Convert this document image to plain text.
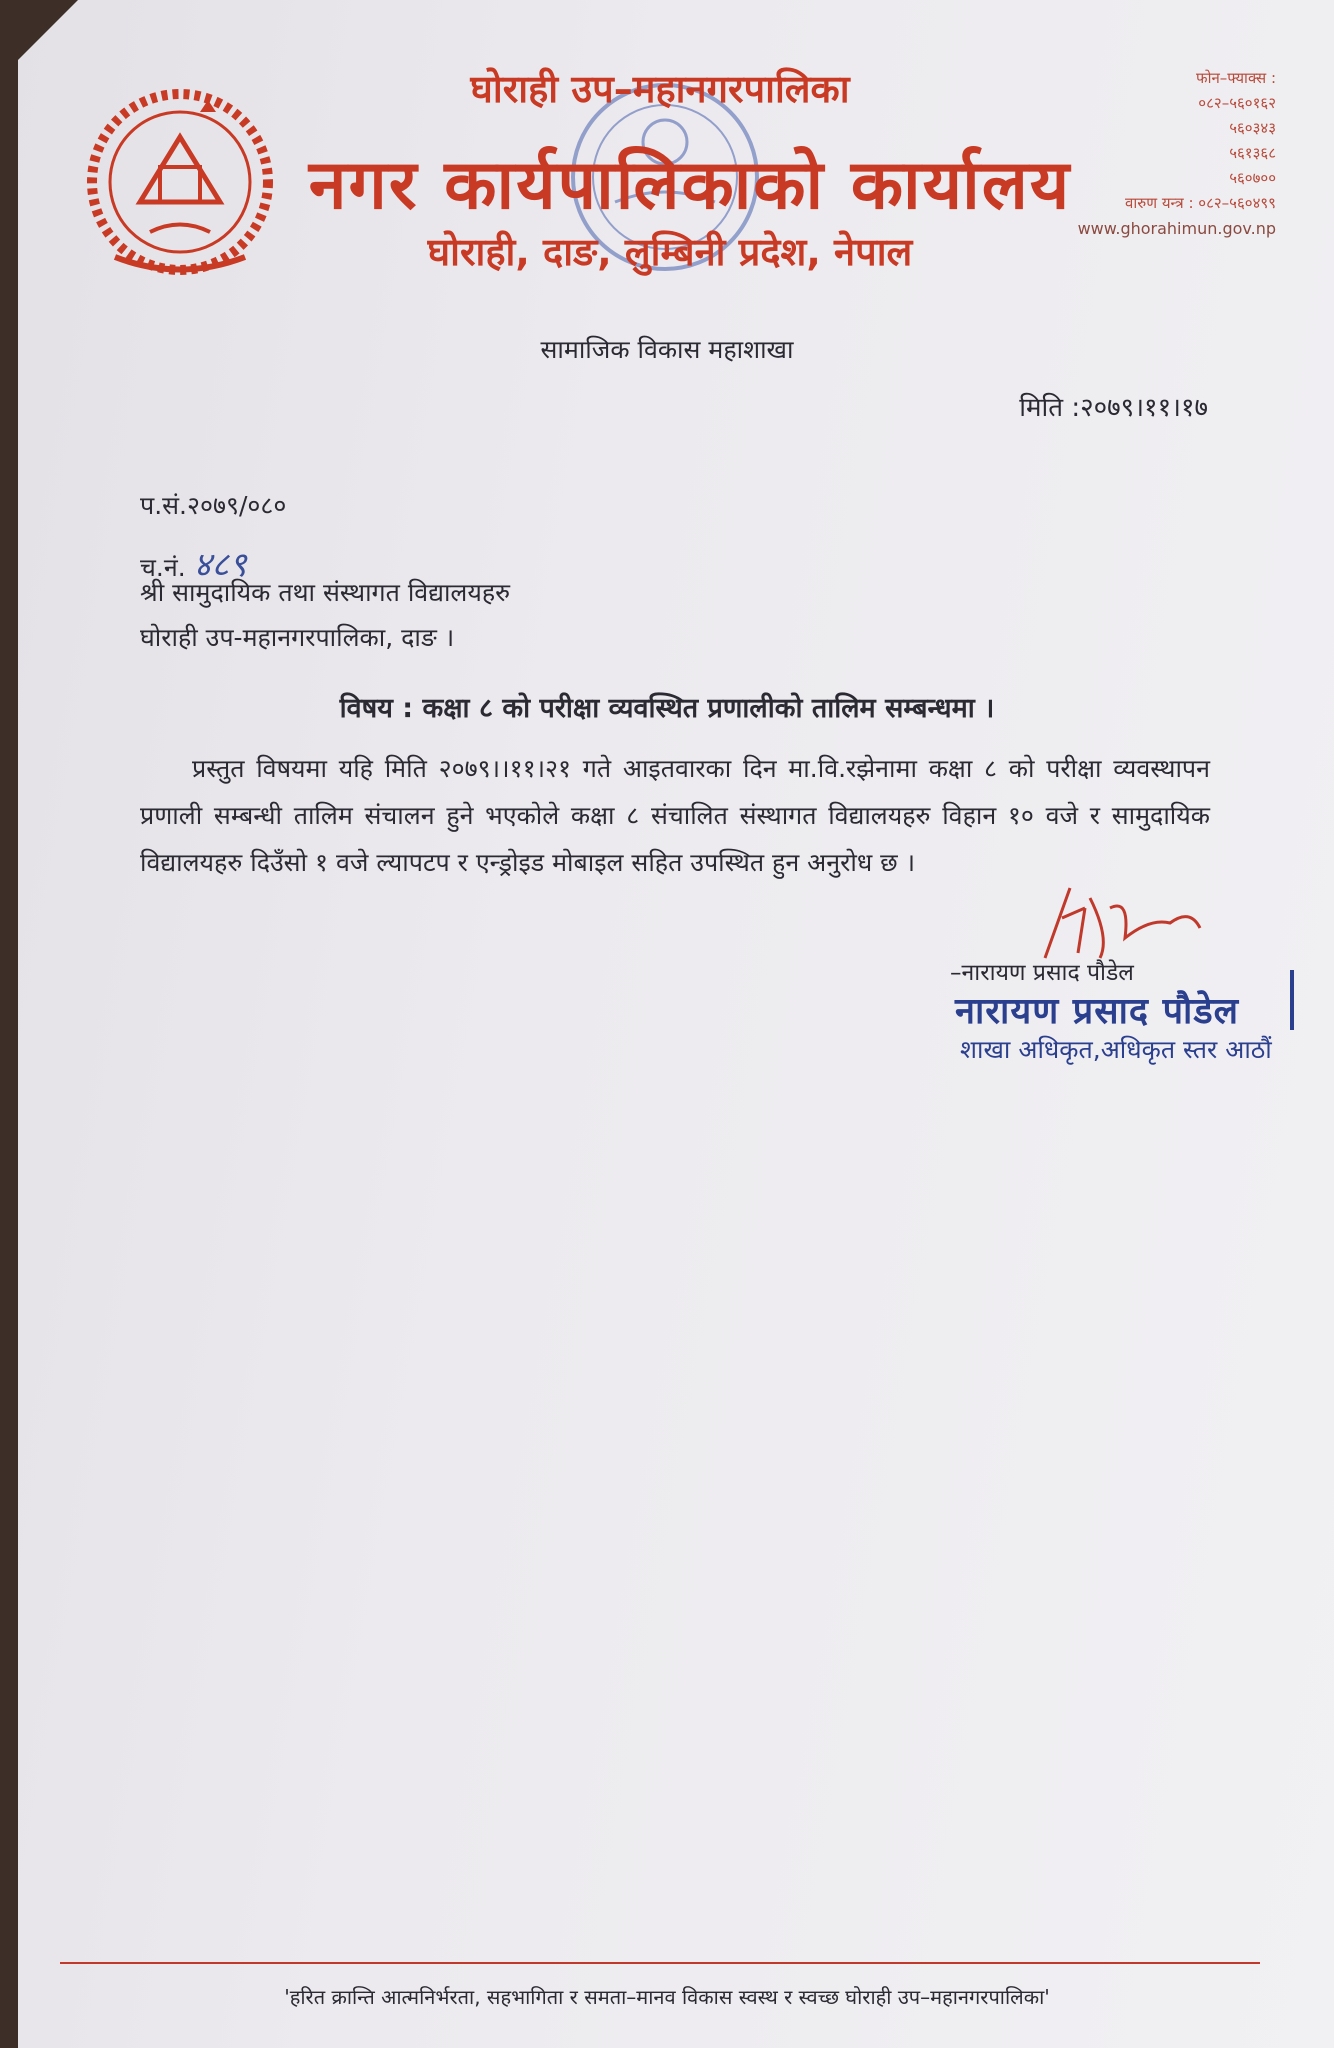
घोराही उप–महानगरपालिका
नगर कार्यपालिकाको कार्यालय
घोराही, दाङ, लुम्बिनी प्रदेश, नेपाल
फोन–फ्याक्स :
०८२–५६०१६२
५६०३४३
५६१३६८
५६०७००
वारुण यन्त्र : ०८२–५६०४९९
www.ghorahimun.gov.np
सामाजिक विकास महाशाखा
मिति :२०७९।११।१७
प.सं.२०७९/०८०
च.नं. ४८९
श्री सामुदायिक तथा संस्थागत विद्यालयहरु
घोराही उप-महानगरपालिका, दाङ ।
विषय : कक्षा ८ को परीक्षा व्यवस्थित प्रणालीको तालिम सम्बन्धमा ।
प्रस्तुत विषयमा यहि मिति २०७९।।११।२१ गते आइतवारका दिन मा.वि.रझेनामा कक्षा ८ को परीक्षा व्यवस्थापन प्रणाली सम्बन्धी तालिम संचालन हुने भएकोले कक्षा ८ संचालित संस्थागत विद्यालयहरु विहान १० वजे र सामुदायिक विद्यालयहरु दिउँसो १ वजे ल्यापटप र एन्ड्रोइड मोबाइल सहित उपस्थित हुन अनुरोध छ ।
–नारायण प्रसाद पौडेल
नारायण प्रसाद पौडेल
शाखा अधिकृत,अधिकृत स्तर आठौं
'हरित क्रान्ति आत्मनिर्भरता, सहभागिता र समता–मानव विकास स्वस्थ र स्वच्छ घोराही उप–महानगरपालिका'
